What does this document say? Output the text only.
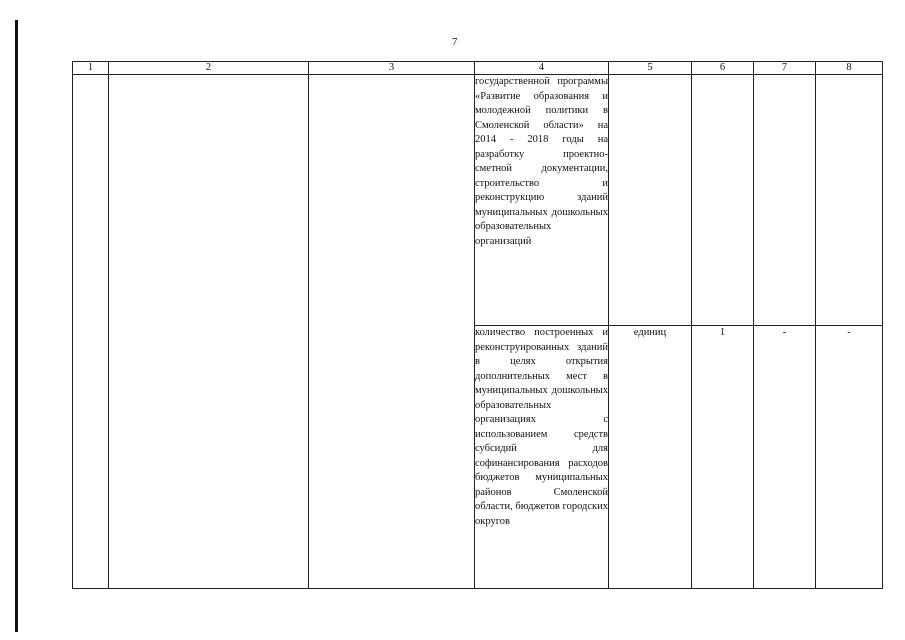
7
1	2	3	4	5	6	7	8
			государственной программы «Развитие образования и молодежной политики в Смоленской области» на 2014 - 2018 годы на разработку проектно-сметной документации, строительство и реконструкцию зданий муниципальных дошкольных образовательных организаций				
			количество построенных и реконструированных зданий в целях открытия дополнительных мест в муниципальных дошкольных образовательных организациях с использованием средств субсидий для софинансирования расходов бюджетов муниципальных районов Смоленской области, бюджетов городских округов	единиц	1	-	-
